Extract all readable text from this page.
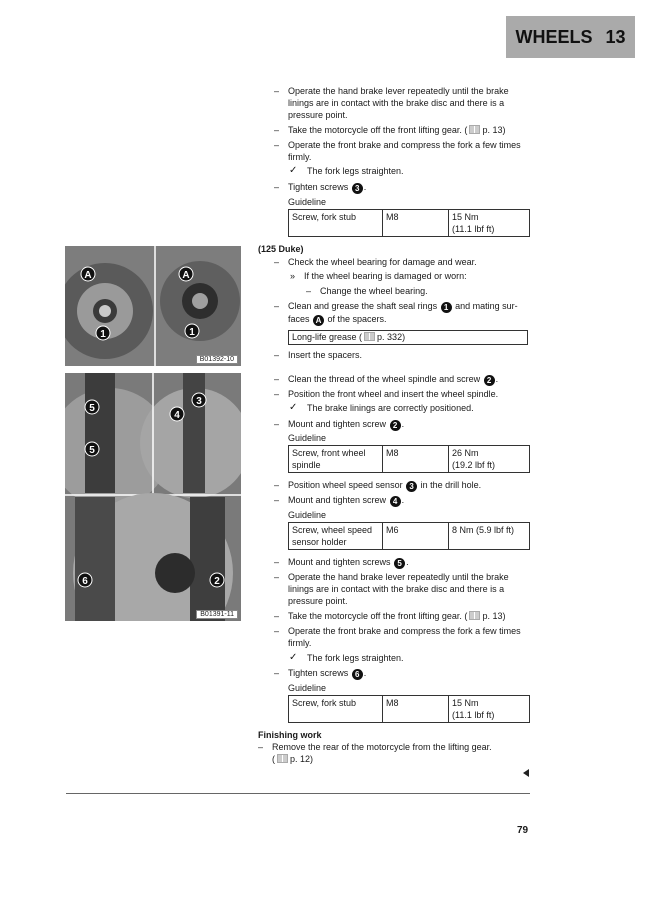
WHEELS 13
A	A
1	1
B01392-10
5
4
3
5
6	2
B01391-11
– Operate the hand brake lever repeatedly until the brake
linings are in contact with the brake disc and there is a
pressure point.
– Take the motorcycle off the front lifting gear. ( p. 13)
– Operate the front brake and compress the fork a few times
firmly.
✓ The fork legs straighten.
– Tighten screws 3 .
Guideline
Screw, fork stub	M8	15 Nm
(11.1 lbf ft)
(125 Duke)
– Check the wheel bearing for damage and wear.
» If the wheel bearing is damaged or worn:
– Change the wheel bearing.
– Clean and grease the shaft seal rings 1 and mating sur-
faces A of the spacers.
Long-life grease ( p. 332)
– Insert the spacers.
– Clean the thread of the wheel spindle and screw 2 .
– Position the front wheel and insert the wheel spindle.
✓ The brake linings are correctly positioned.
– Mount and tighten screw 2 .
Guideline
Screw, front wheel
spindle	M8	26 Nm
(19.2 lbf ft)
– Position wheel speed sensor 3 in the drill hole.
– Mount and tighten screw 4 .
Guideline
Screw, wheel speed
sensor holder	M6	8 Nm (5.9 lbf ft)
– Mount and tighten screws 5 .
– Operate the hand brake lever repeatedly until the brake
linings are in contact with the brake disc and there is a
pressure point.
– Take the motorcycle off the front lifting gear. ( p. 13)
– Operate the front brake and compress the fork a few times
firmly.
✓ The fork legs straighten.
– Tighten screws 6 .
Guideline
Screw, fork stub	M8	15 Nm
(11.1 lbf ft)
Finishing work
– Remove the rear of the motorcycle from the lifting gear.
( p. 12)
79
